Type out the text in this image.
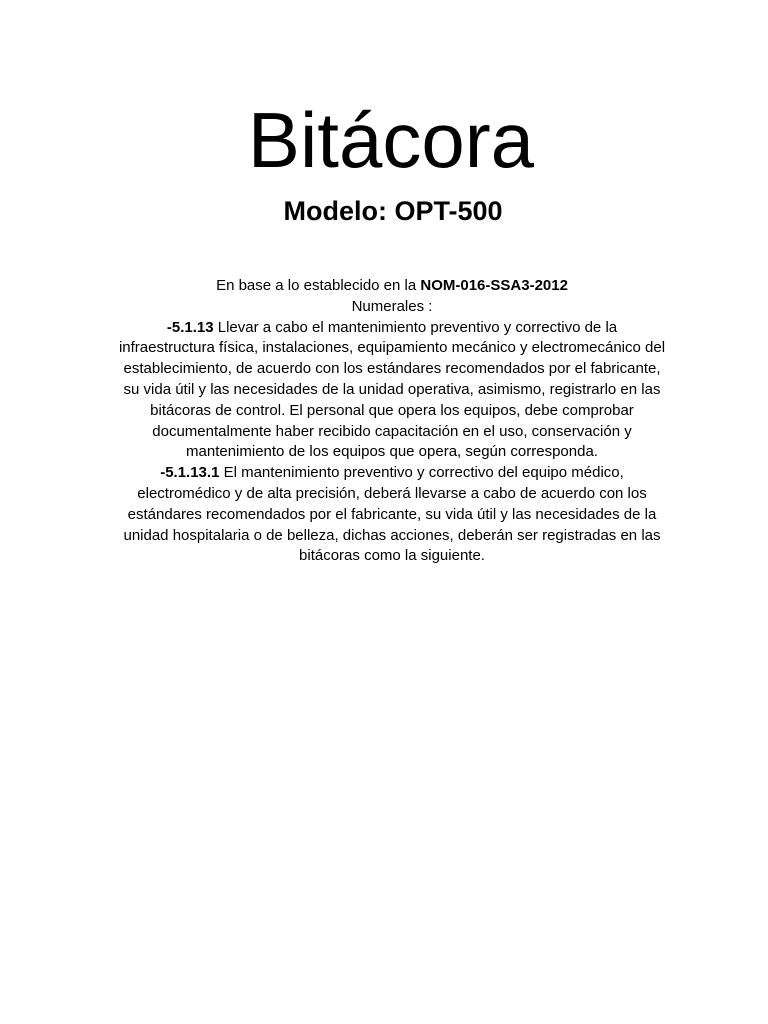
Bitácora
Modelo: OPT-500
En base a lo establecido en la NOM-016-SSA3-2012
Numerales :
-5.1.13 Llevar a cabo el mantenimiento preventivo y correctivo de la
infraestructura física, instalaciones, equipamiento mecánico y electromecánico del
establecimiento, de acuerdo con los estándares recomendados por el fabricante,
su vida útil y las necesidades de la unidad operativa, asimismo, registrarlo en las
bitácoras de control. El personal que opera los equipos, debe comprobar
documentalmente haber recibido capacitación en el uso, conservación y
mantenimiento de los equipos que opera, según corresponda.
-5.1.13.1 El mantenimiento preventivo y correctivo del equipo médico,
electromédico y de alta precisión, deberá llevarse a cabo de acuerdo con los
estándares recomendados por el fabricante, su vida útil y las necesidades de la
unidad hospitalaria o de belleza, dichas acciones, deberán ser registradas en las
bitácoras como la siguiente.
